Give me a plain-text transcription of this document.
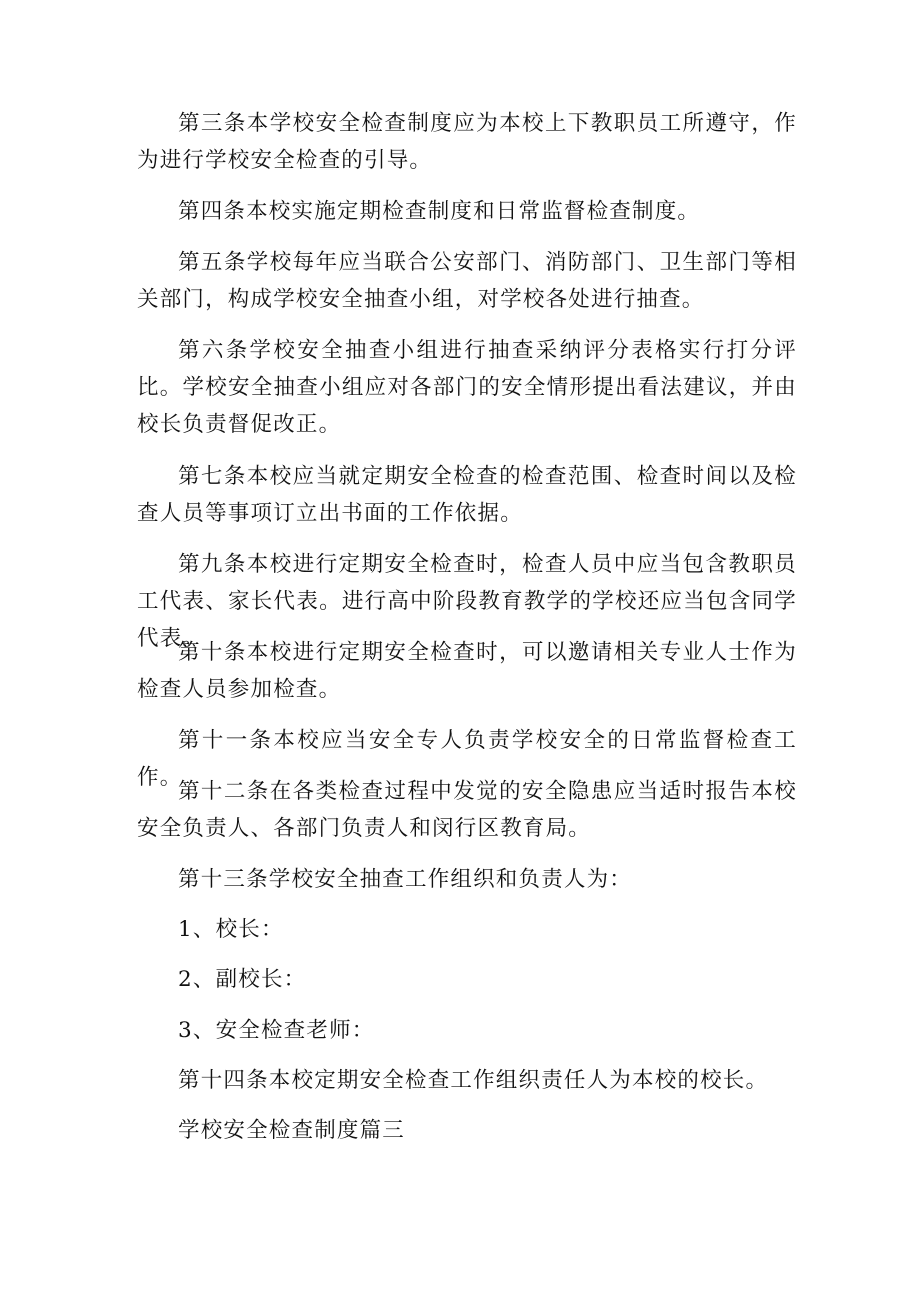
第三条本学校安全检查制度应为本校上下教职员工所遵守，作为进行学校安全检查的引导。

第四条本校实施定期检查制度和日常监督检查制度。

第五条学校每年应当联合公安部门、消防部门、卫生部门等相关部门，构成学校安全抽查小组，对学校各处进行抽查。

第六条学校安全抽查小组进行抽查采纳评分表格实行打分评比。学校安全抽查小组应对各部门的安全情形提出看法建议，并由校长负责督促改正。

第七条本校应当就定期安全检查的检查范围、检查时间以及检查人员等事项订立出书面的工作依据。

第九条本校进行定期安全检查时，检查人员中应当包含教职员工代表、家长代表。进行高中阶段教育教学的学校还应当包含同学代表。

第十条本校进行定期安全检查时，可以邀请相关专业人士作为检查人员参加检查。

第十一条本校应当安全专人负责学校安全的日常监督检查工作。

第十二条在各类检查过程中发觉的安全隐患应当适时报告本校安全负责人、各部门负责人和闵行区教育局。

第十三条学校安全抽查工作组织和负责人为：

1、校长：

2、副校长：

3、安全检查老师：

第十四条本校定期安全检查工作组织责任人为本校的校长。

学校安全检查制度篇三
